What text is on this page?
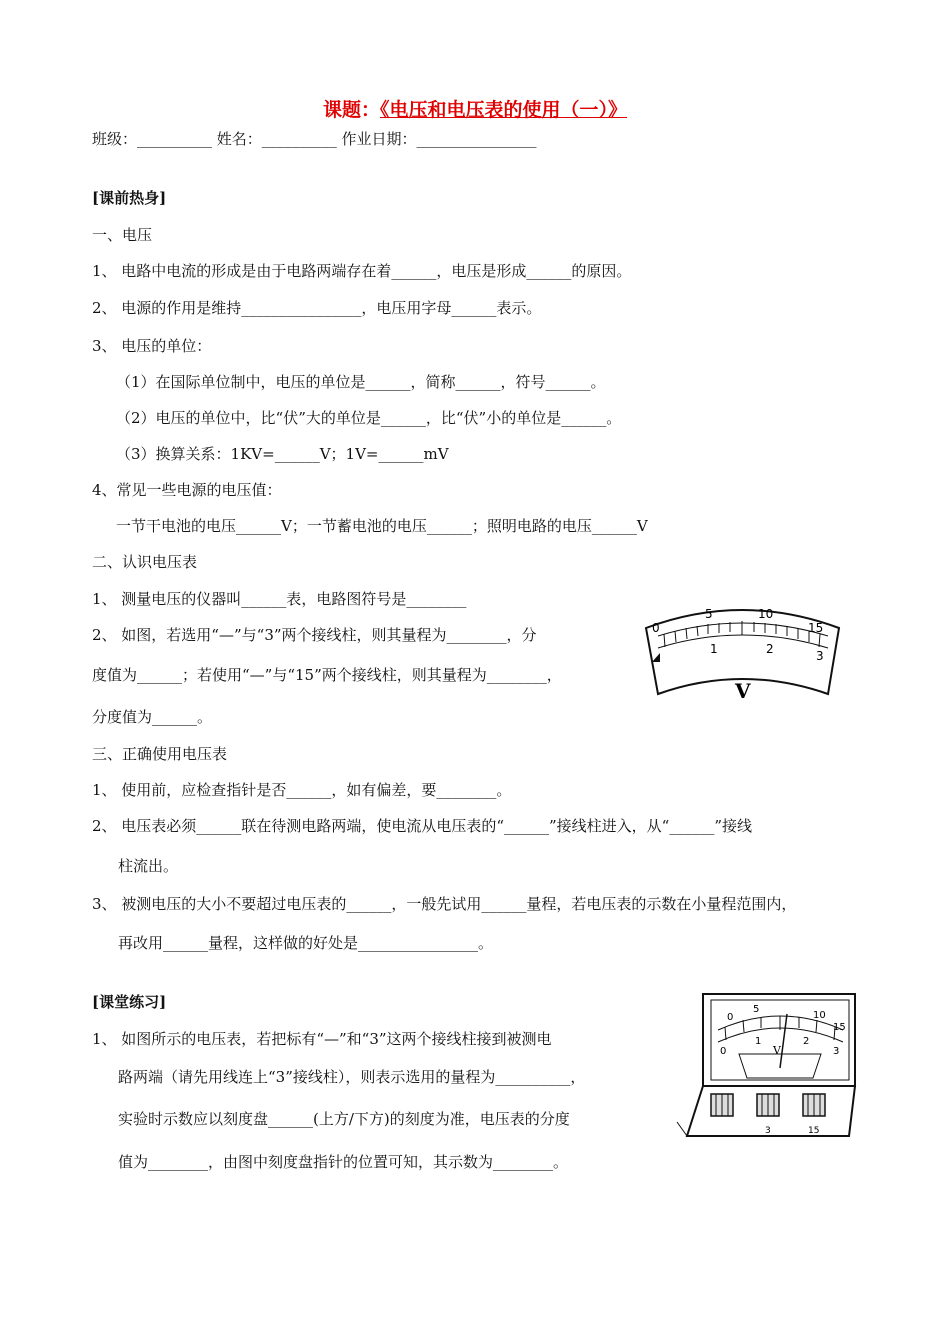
课题：《电压和电压表的使用（一）》
班级：__________ 姓名：__________ 作业日期：________________
[课前热身]
一、电压
1、 电路中电流的形成是由于电路两端存在着______，电压是形成______的原因。
2、 电源的作用是维持________________，电压用字母______表示。
3、 电压的单位：
（1）在国际单位制中，电压的单位是______，简称______，符号______。
（2）电压的单位中，比“伏”大的单位是______，比“伏”小的单位是______。
（3）换算关系：1KV=______V；1V=______mV
4、常见一些电源的电压值：
一节干电池的电压______V；一节蓄电池的电压______；照明电路的电压______V
二、认识电压表
1、 测量电压的仪器叫______表，电路图符号是________
2、 如图，若选用“—”与“3”两个接线柱，则其量程为________，分
度值为______；若使用“—”与“15”两个接线柱，则其量程为________，
分度值为______。
0
5	10
15
1	2	3
V
三、正确使用电压表
1、 使用前，应检查指针是否______，如有偏差，要________。
2、 电压表必须______联在待测电路两端，使电流从电压表的“______”接线柱进入，从“______”接线
柱流出。
3、 被测电压的大小不要超过电压表的______，一般先试用______量程，若电压表的示数在小量程范围内，
再改用______量程，这样做的好处是________________。
[课堂练习]
1、 如图所示的电压表，若把标有“—”和“3”这两个接线柱接到被测电
路两端（请先用线连上“3”接线柱），则表示选用的量程为__________，
实验时示数应以刻度盘______(上方/下方)的刻度为准，电压表的分度
值为________，由图中刻度盘指针的位置可知，其示数为________。
0
5
10
15
0
1	2
3
V
3	15
